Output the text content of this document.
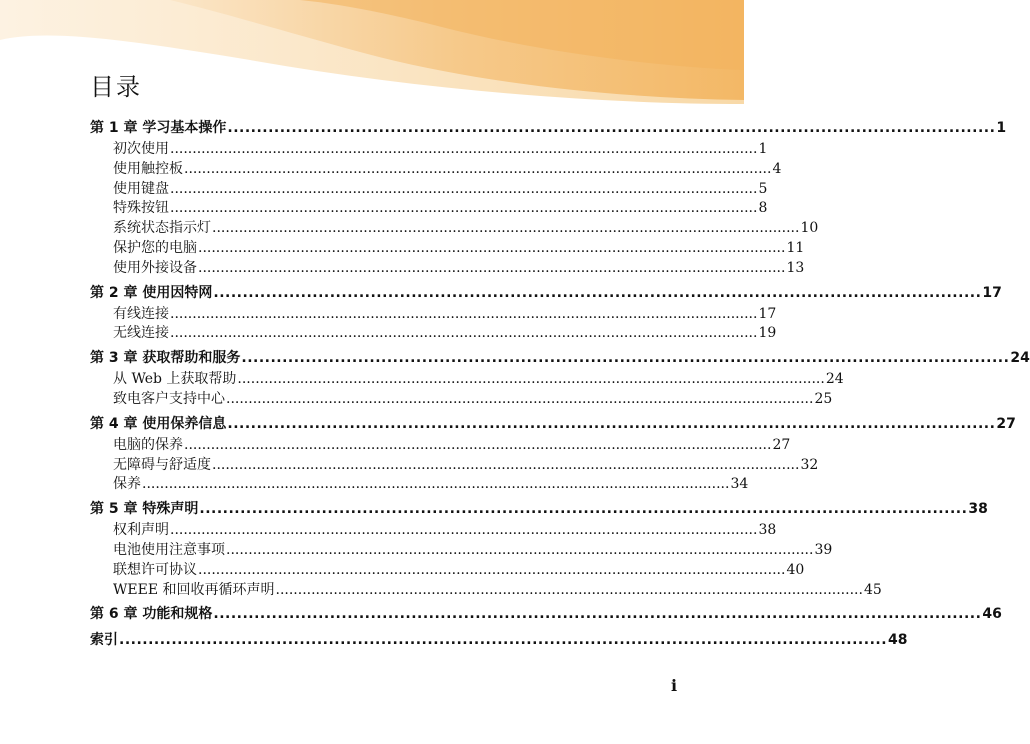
目录
第 1 章 学习基本操作 .................................................................................................................................... 1
初次使用 .................................................................................................................................... 1
使用触控板 .................................................................................................................................... 4
使用键盘 .................................................................................................................................... 5
特殊按钮 .................................................................................................................................... 8
系统状态指示灯 .................................................................................................................................... 10
保护您的电脑 .................................................................................................................................... 11
使用外接设备 .................................................................................................................................... 13
第 2 章 使用因特网 .................................................................................................................................... 17
有线连接 .................................................................................................................................... 17
无线连接 .................................................................................................................................... 19
第 3 章 获取帮助和服务 .................................................................................................................................... 24
从 Web 上获取帮助 .................................................................................................................................... 24
致电客户支持中心 .................................................................................................................................... 25
第 4 章 使用保养信息 .................................................................................................................................... 27
电脑的保养 .................................................................................................................................... 27
无障碍与舒适度 .................................................................................................................................... 32
保养 .................................................................................................................................... 34
第 5 章 特殊声明 .................................................................................................................................... 38
权利声明 .................................................................................................................................... 38
电池使用注意事项 .................................................................................................................................... 39
联想许可协议 .................................................................................................................................... 40
WEEE 和回收再循环声明 .................................................................................................................................... 45
第 6 章 功能和规格 .................................................................................................................................... 46
索引 .................................................................................................................................... 48
i
